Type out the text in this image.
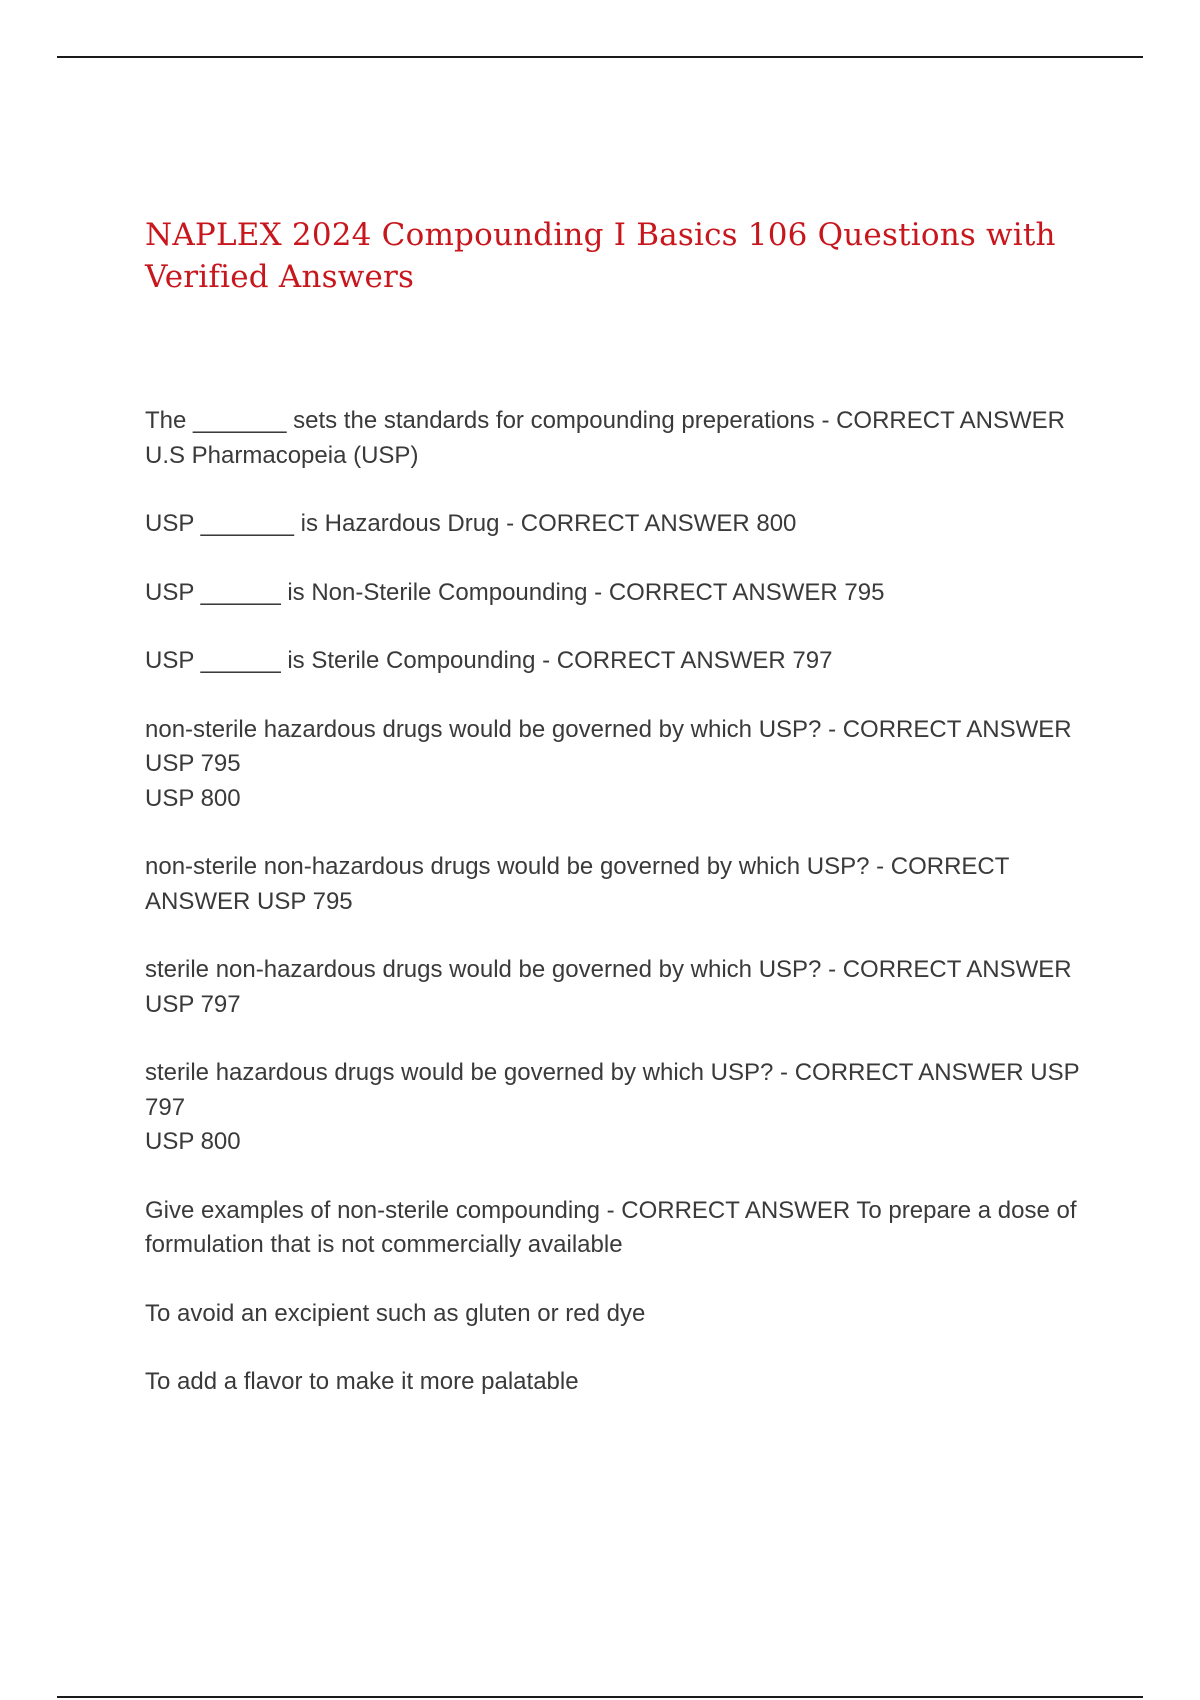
NAPLEX 2024 Compounding I Basics 106 Questions with Verified Answers

The _______ sets the standards for compounding preperations - CORRECT ANSWER U.S Pharmacopeia (USP)

USP _______ is Hazardous Drug - CORRECT ANSWER 800

USP ______ is Non-Sterile Compounding - CORRECT ANSWER 795

USP ______ is Sterile Compounding - CORRECT ANSWER 797

non-sterile hazardous drugs would be governed by which USP? - CORRECT ANSWER USP 795
USP 800

non-sterile non-hazardous drugs would be governed by which USP? - CORRECT ANSWER USP 795

sterile non-hazardous drugs would be governed by which USP? - CORRECT ANSWER USP 797

sterile hazardous drugs would be governed by which USP? - CORRECT ANSWER USP 797
USP 800

Give examples of non-sterile compounding - CORRECT ANSWER To prepare a dose of formulation that is not commercially available

To avoid an excipient such as gluten or red dye

To add a flavor to make it more palatable
